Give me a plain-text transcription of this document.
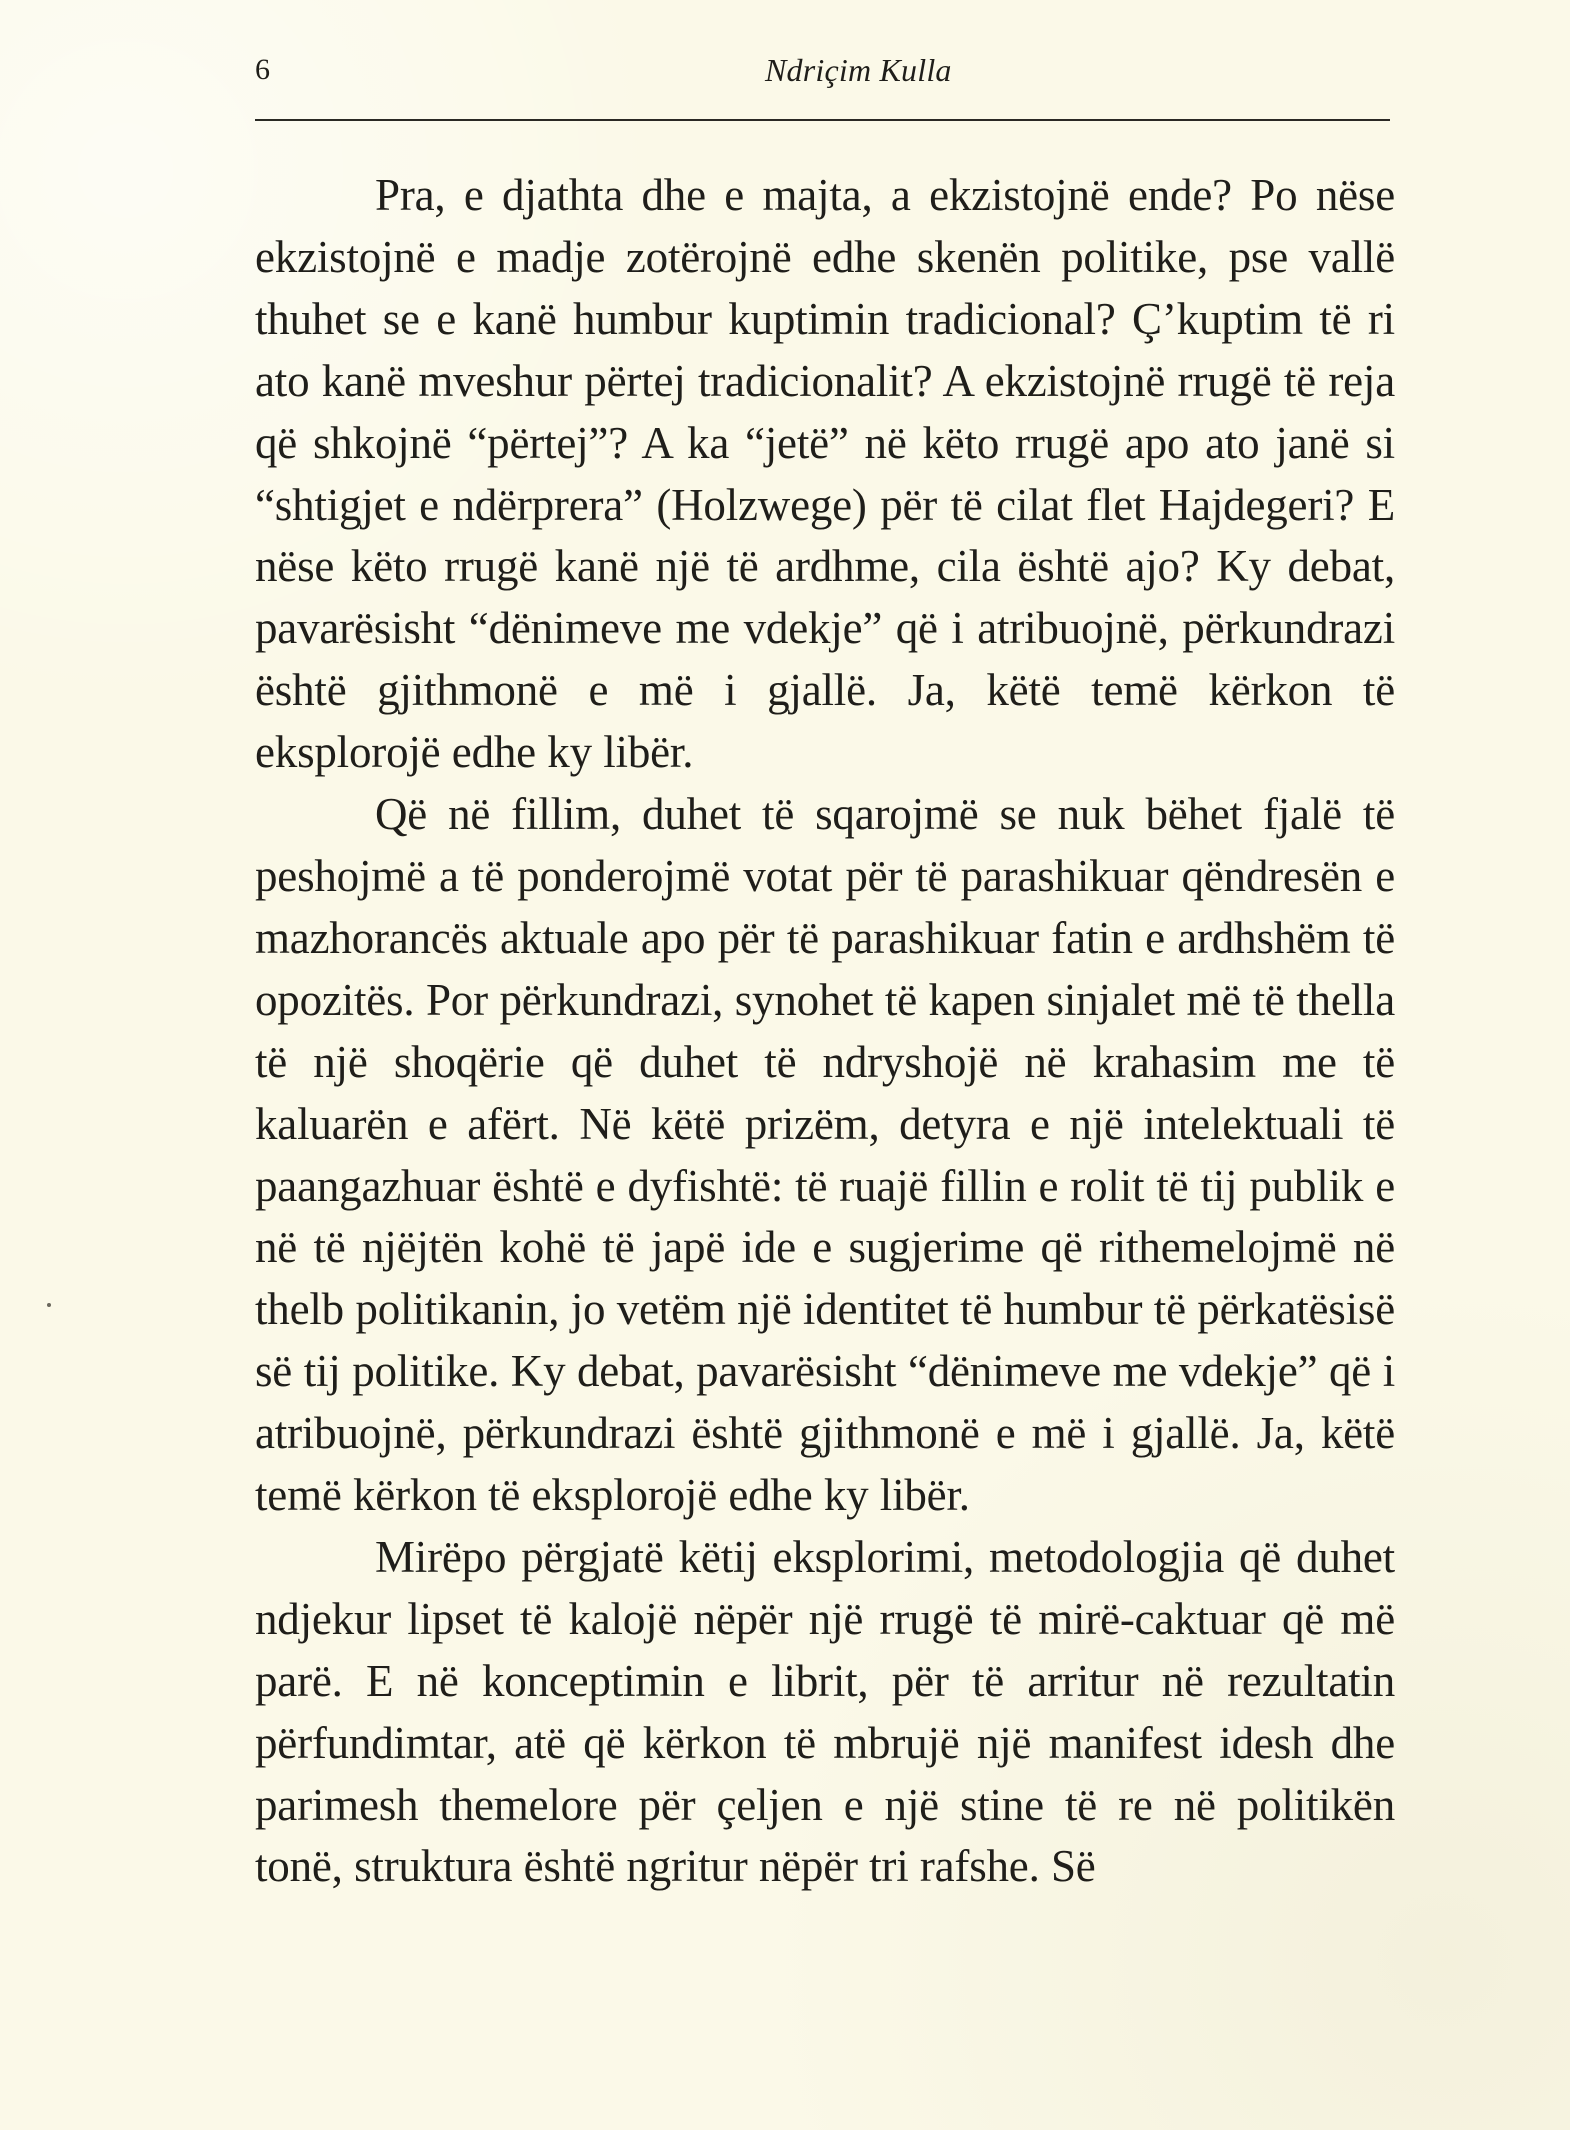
6	Ndriçim Kulla

Pra, e djathta dhe e majta, a ekzistojnë ende? Po nëse ekzistojnë e madje zotërojnë edhe skenën politike, pse vallë thuhet se e kanë humbur kuptimin tradicional? Ç’kuptim të ri ato kanë mveshur përtej tradicionalit? A ekzistojnë rrugë të reja që shkojnë “përtej”? A ka “jetë” në këto rrugë apo ato janë si “shtigjet e ndërprera” (Holzwege) për të cilat flet Hajdegeri? E nëse këto rrugë kanë një të ardhme, cila është ajo? Ky debat, pavarësisht “dënimeve me vdekje” që i atribuojnë, përkundrazi është gjithmonë e më i gjallë. Ja, këtë temë kërkon të eksplorojë edhe ky libër.

Që në fillim, duhet të sqarojmë se nuk bëhet fjalë të peshojmë a të ponderojmë votat për të parashikuar qëndresën e mazhorancës aktuale apo për të parashikuar fatin e ardhshëm të opozitës. Por përkundrazi, synohet të kapen sinjalet më të thella të një shoqërie që duhet të ndryshojë në krahasim me të kaluarën e afërt. Në këtë prizëm, detyra e një intelektuali të paangazhuar është e dyfishtë: të ruajë fillin e rolit të tij publik e në të njëjtën kohë të japë ide e sugjerime që rithemelojmë në thelb politikanin, jo vetëm një identitet të humbur të përkatësisë së tij politike. Ky debat, pavarësisht “dënimeve me vdekje” që i atribuojnë, përkundrazi është gjithmonë e më i gjallë. Ja, këtë temë kërkon të eksplorojë edhe ky libër.

Mirëpo përgjatë këtij eksplorimi, metodologjia që duhet ndjekur lipset të kalojë nëpër një rrugë të mirë-caktuar që më parë. E në konceptimin e librit, për të arritur në rezultatin përfundimtar, atë që kërkon të mbrujë një manifest idesh dhe parimesh themelore për çeljen e një stine të re në politikën tonë, struktura është ngritur nëpër tri rafshe. Së
